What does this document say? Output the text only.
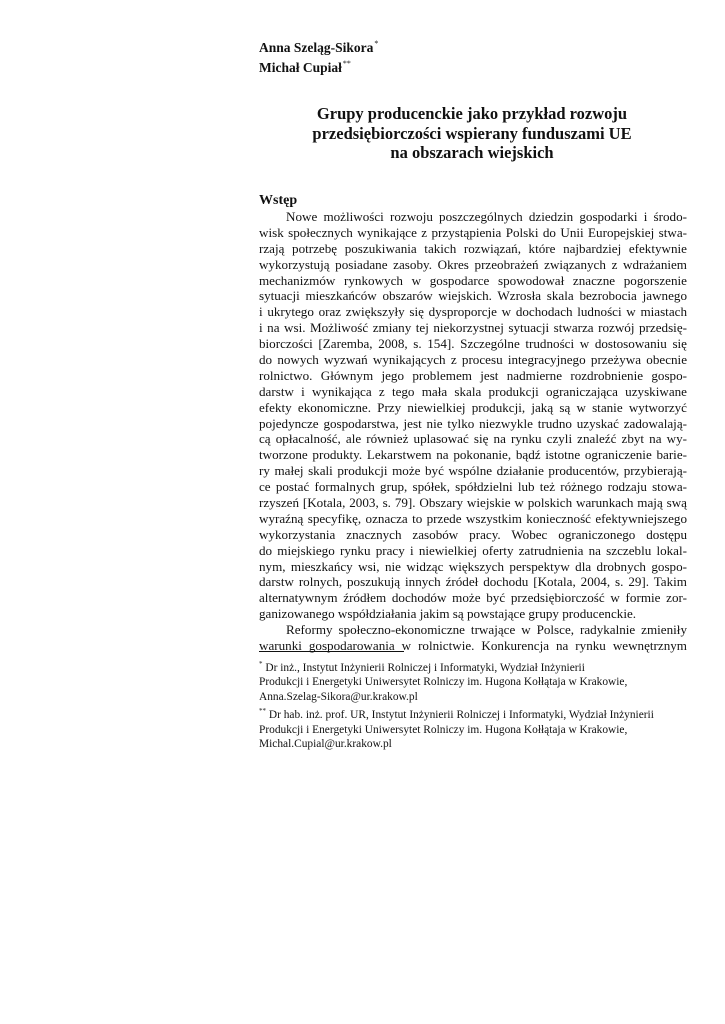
Anna Szeląg-Sikora*
Michał Cupiał**
Grupy producenckie jako przykład rozwoju
przedsiębiorczości wspierany funduszami UE
na obszarach wiejskich
Wstęp
Nowe możliwości rozwoju poszczególnych dziedzin gospodarki i środo-
wisk społecznych wynikające z przystąpienia Polski do Unii Europejskiej stwa-
rzają potrzebę poszukiwania takich rozwiązań, które najbardziej efektywnie
wykorzystują posiadane zasoby. Okres przeobrażeń związanych z wdrażaniem
mechanizmów rynkowych w gospodarce spowodował znaczne pogorszenie
sytuacji mieszkańców obszarów wiejskich. Wzrosła skala bezrobocia jawnego
i ukrytego oraz zwiększyły się dysproporcje w dochodach ludności w miastach
i na wsi. Możliwość zmiany tej niekorzystnej sytuacji stwarza rozwój przedsię-
biorczości [Zaremba, 2008, s. 154]. Szczególne trudności w dostosowaniu się
do nowych wyzwań wynikających z procesu integracyjnego przeżywa obecnie
rolnictwo. Głównym jego problemem jest nadmierne rozdrobnienie gospo-
darstw i wynikająca z tego mała skala produkcji ograniczająca uzyskiwane
efekty ekonomiczne. Przy niewielkiej produkcji, jaką są w stanie wytworzyć
pojedyncze gospodarstwa, jest nie tylko niezwykle trudno uzyskać zadowalają-
cą opłacalność, ale również uplasować się na rynku czyli znaleźć zbyt na wy-
tworzone produkty. Lekarstwem na pokonanie, bądź istotne ograniczenie barie-
ry małej skali produkcji może być wspólne działanie producentów, przybierają-
ce postać formalnych grup, spółek, spółdzielni lub też różnego rodzaju stowa-
rzyszeń [Kotala, 2003, s. 79]. Obszary wiejskie w polskich warunkach mają swą
wyraźną specyfikę, oznacza to przede wszystkim konieczność efektywniejszego
wykorzystania znacznych zasobów pracy. Wobec ograniczonego dostępu
do miejskiego rynku pracy i niewielkiej oferty zatrudnienia na szczeblu lokal-
nym, mieszkańcy wsi, nie widząc większych perspektyw dla drobnych gospo-
darstw rolnych, poszukują innych źródeł dochodu [Kotala, 2004, s. 29]. Takim
alternatywnym źródłem dochodów może być przedsiębiorczość w formie zor-
ganizowanego współdziałania jakim są powstające grupy producenckie.
Reformy społeczno-ekonomiczne trwające w Polsce, radykalnie zmieniły
warunki gospodarowania w rolnictwie. Konkurencja na rynku wewnętrznym
* Dr inż., Instytut Inżynierii Rolniczej i Informatyki, Wydział Inżynierii
Produkcji i Energetyki Uniwersytet Rolniczy im. Hugona Kołłątaja w Krakowie,
Anna.Szelag-Sikora@ur.krakow.pl
** Dr hab. inż. prof. UR, Instytut Inżynierii Rolniczej i Informatyki, Wydział Inżynierii
Produkcji i Energetyki Uniwersytet Rolniczy im. Hugona Kołłątaja w Krakowie,
Michal.Cupial@ur.krakow.pl
